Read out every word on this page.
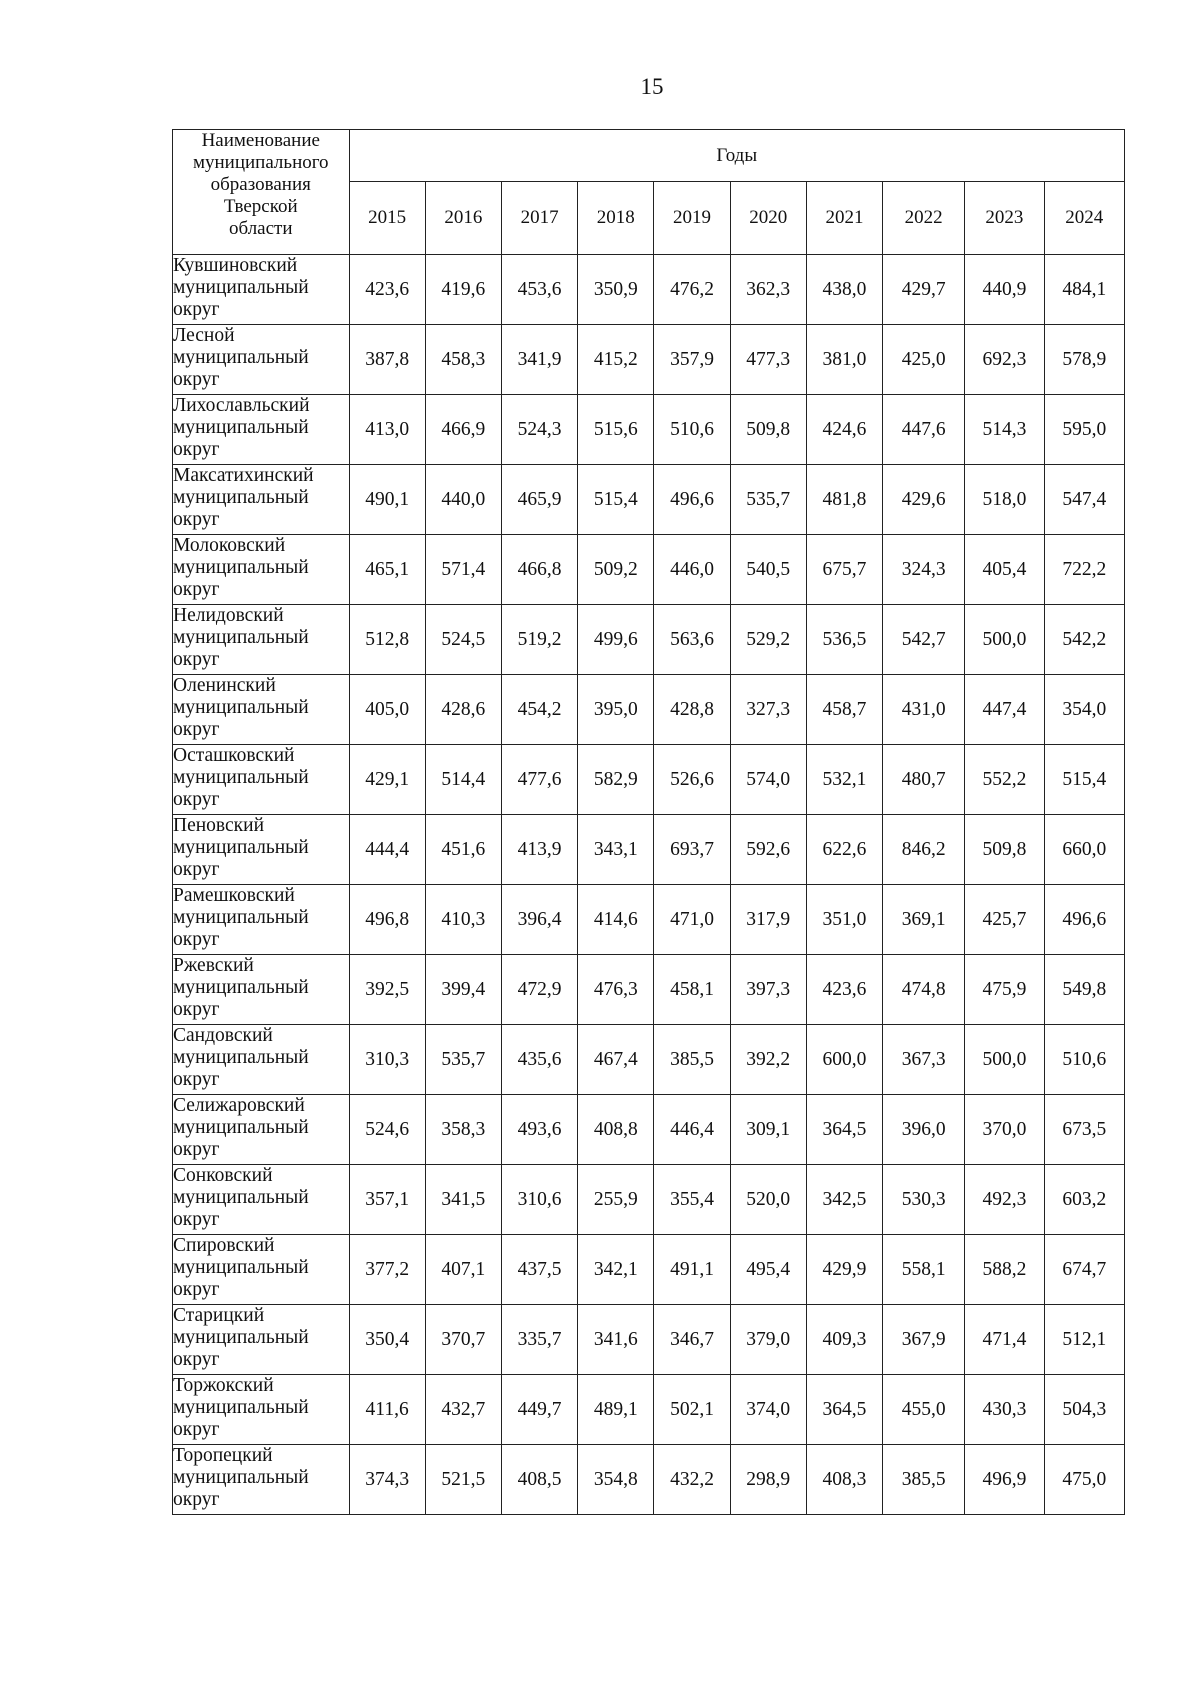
15
Наименование
муниципального
образования
Тверской
области	Годы									
	2015	2016	2017	2018	2019	2020	2021	2022	2023	2024
Кувшиновский
муниципальный
округ	423,6	419,6	453,6	350,9	476,2	362,3	438,0	429,7	440,9	484,1
Лесной
муниципальный
округ	387,8	458,3	341,9	415,2	357,9	477,3	381,0	425,0	692,3	578,9
Лихославльский
муниципальный
округ	413,0	466,9	524,3	515,6	510,6	509,8	424,6	447,6	514,3	595,0
Максатихинский
муниципальный
округ	490,1	440,0	465,9	515,4	496,6	535,7	481,8	429,6	518,0	547,4
Молоковский
муниципальный
округ	465,1	571,4	466,8	509,2	446,0	540,5	675,7	324,3	405,4	722,2
Нелидовский
муниципальный
округ	512,8	524,5	519,2	499,6	563,6	529,2	536,5	542,7	500,0	542,2
Оленинский
муниципальный
округ	405,0	428,6	454,2	395,0	428,8	327,3	458,7	431,0	447,4	354,0
Осташковский
муниципальный
округ	429,1	514,4	477,6	582,9	526,6	574,0	532,1	480,7	552,2	515,4
Пеновский
муниципальный
округ	444,4	451,6	413,9	343,1	693,7	592,6	622,6	846,2	509,8	660,0
Рамешковский
муниципальный
округ	496,8	410,3	396,4	414,6	471,0	317,9	351,0	369,1	425,7	496,6
Ржевский
муниципальный
округ	392,5	399,4	472,9	476,3	458,1	397,3	423,6	474,8	475,9	549,8
Сандовский
муниципальный
округ	310,3	535,7	435,6	467,4	385,5	392,2	600,0	367,3	500,0	510,6
Селижаровский
муниципальный
округ	524,6	358,3	493,6	408,8	446,4	309,1	364,5	396,0	370,0	673,5
Сонковский
муниципальный
округ	357,1	341,5	310,6	255,9	355,4	520,0	342,5	530,3	492,3	603,2
Спировский
муниципальный
округ	377,2	407,1	437,5	342,1	491,1	495,4	429,9	558,1	588,2	674,7
Старицкий
муниципальный
округ	350,4	370,7	335,7	341,6	346,7	379,0	409,3	367,9	471,4	512,1
Торжокский
муниципальный
округ	411,6	432,7	449,7	489,1	502,1	374,0	364,5	455,0	430,3	504,3
Торопецкий
муниципальный
округ	374,3	521,5	408,5	354,8	432,2	298,9	408,3	385,5	496,9	475,0
